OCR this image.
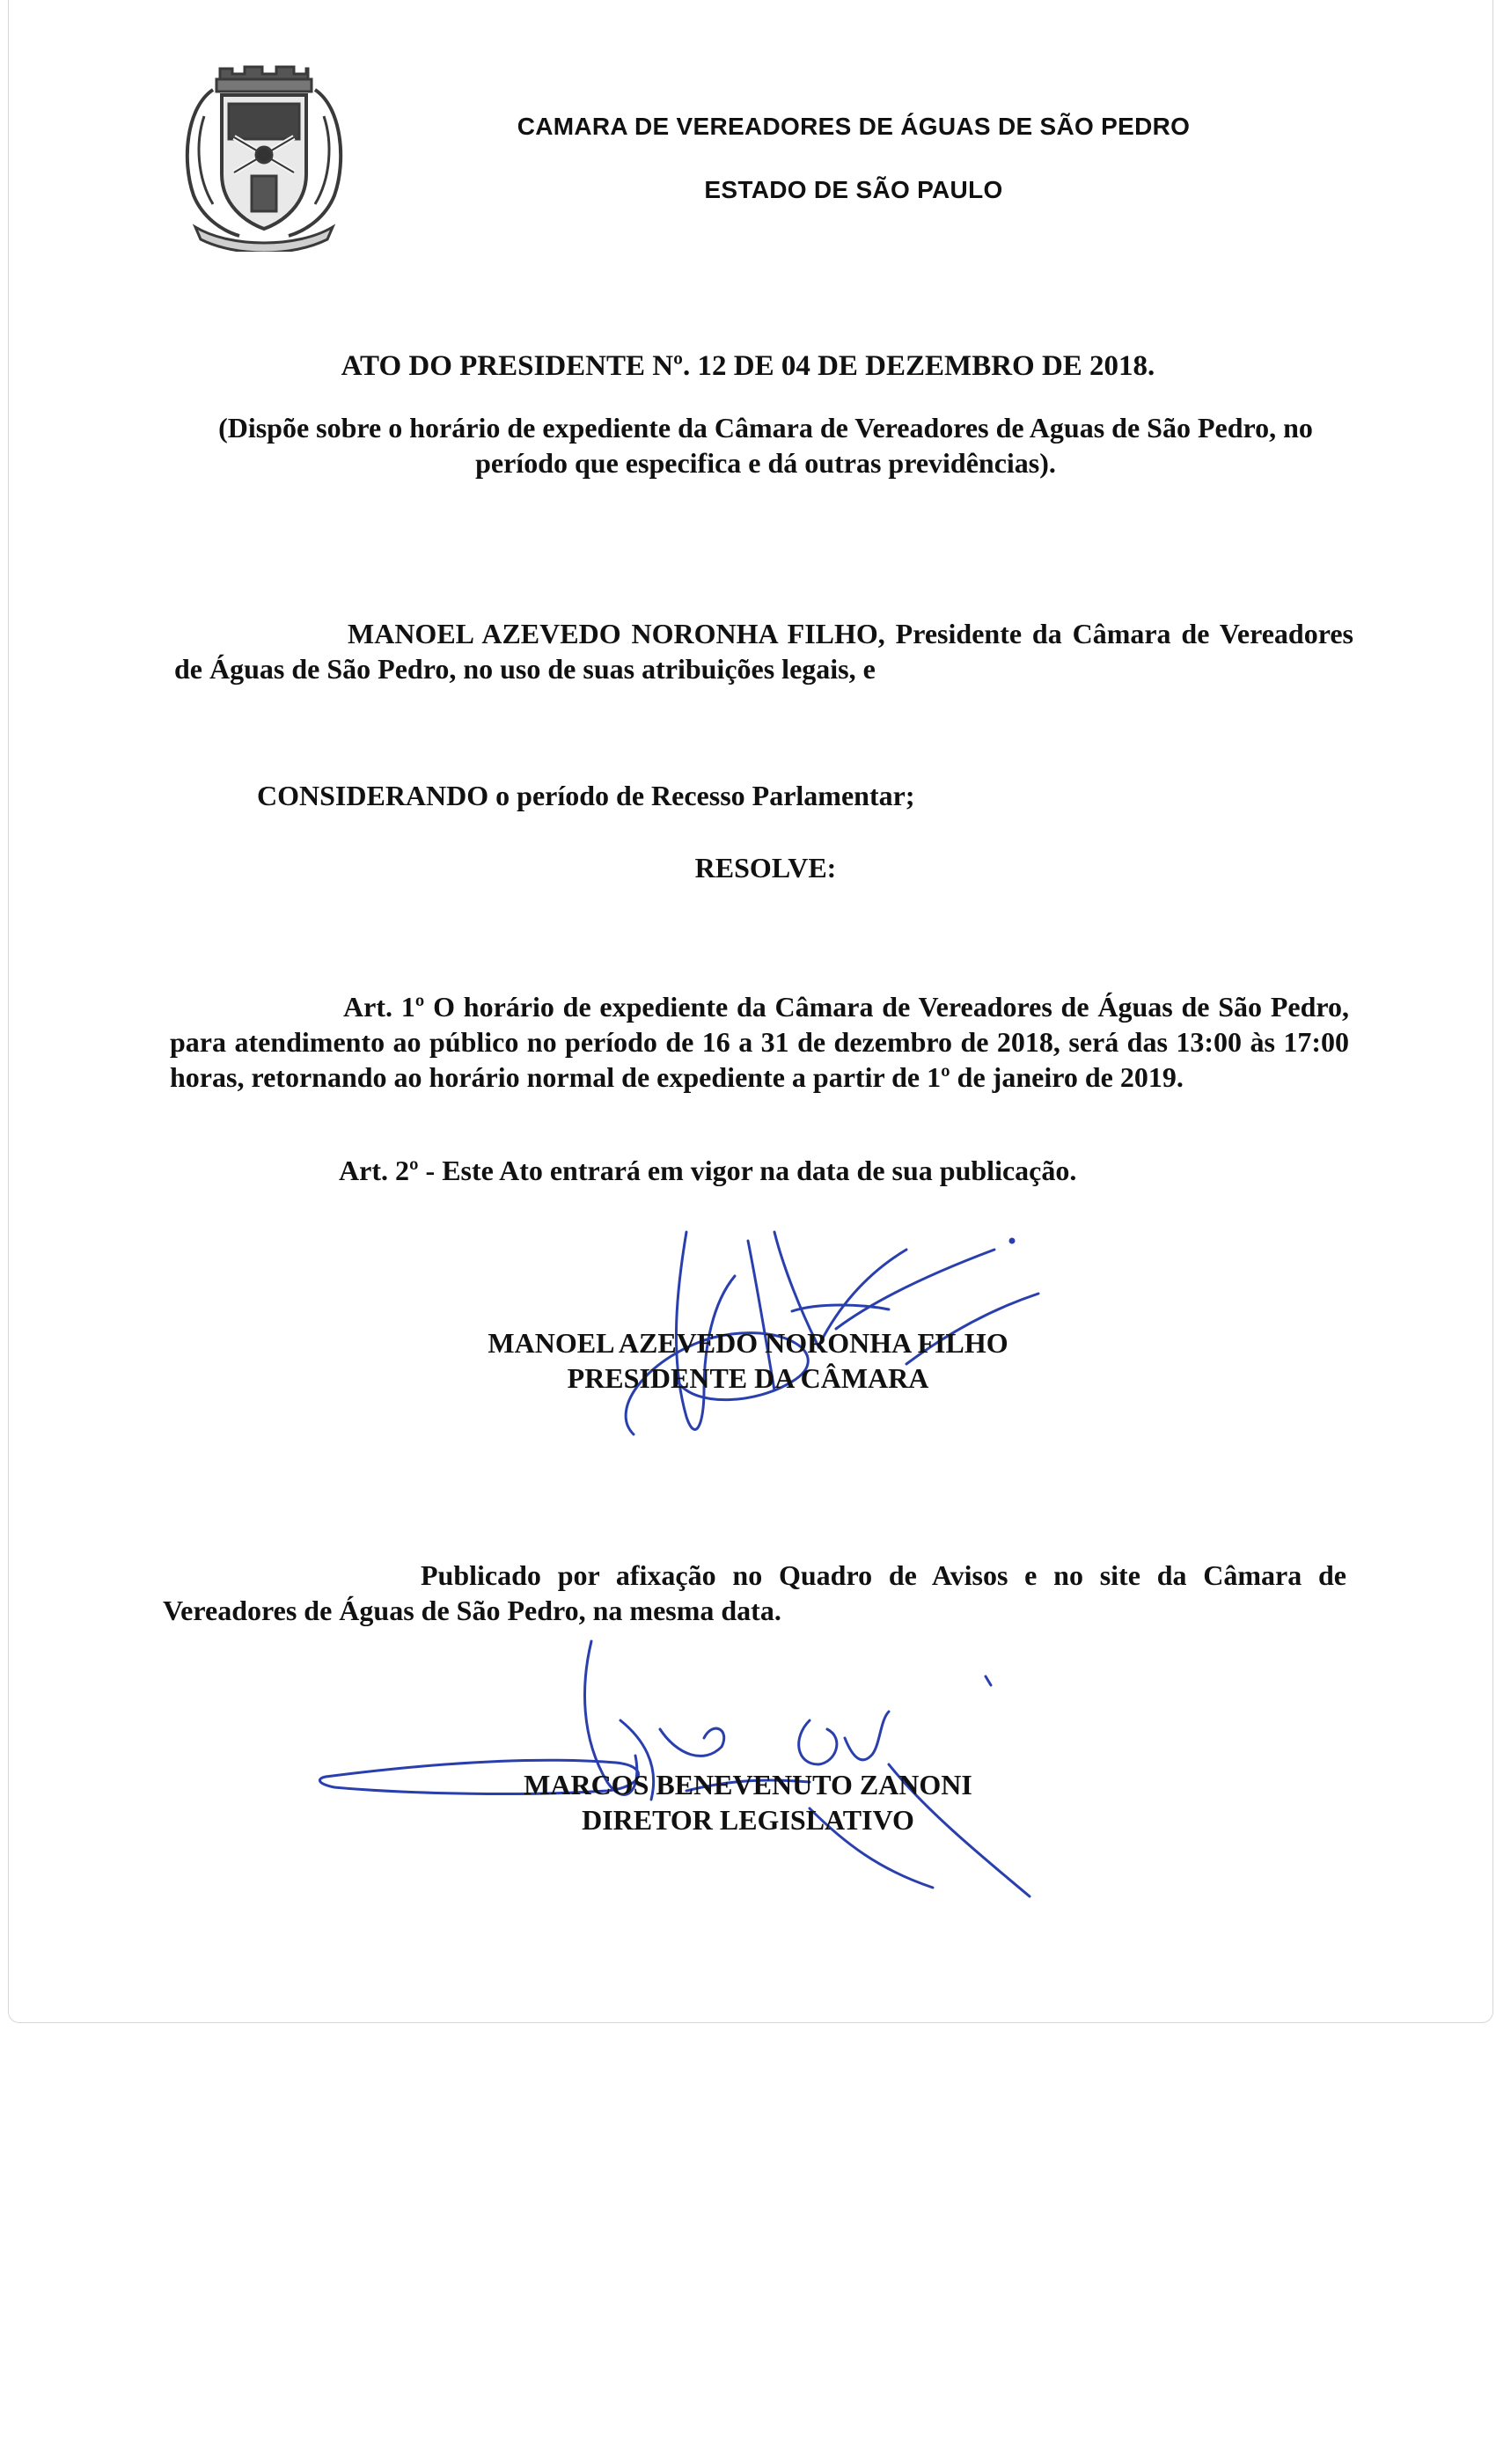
CAMARA DE VEREADORES DE ÁGUAS DE SÃO PEDRO
ESTADO DE SÃO PAULO
ATO DO PRESIDENTE Nº. 12 DE 04 DE DEZEMBRO DE 2018.
(Dispõe sobre o horário de expediente da Câmara de Vereadores de Aguas de São Pedro, no período que especifica e dá outras previdências).
MANOEL AZEVEDO NORONHA FILHO, Presidente da Câmara de Vereadores de Águas de São Pedro, no uso de suas atribuições legais, e
CONSIDERANDO o período de Recesso Parlamentar;
RESOLVE:
Art. 1º O horário de expediente da Câmara de Vereadores de Águas de São Pedro, para atendimento ao público no período de 16 a 31 de dezembro de 2018, será das 13:00 às 17:00 horas, retornando ao horário normal de expediente a partir de 1º de janeiro de 2019.
Art. 2º - Este Ato entrará em vigor na data de sua publicação.
MANOEL AZEVEDO NORONHA FILHO
PRESIDENTE DA CÂMARA
Publicado por afixação no Quadro de Avisos e no site da Câmara de Vereadores de Águas de São Pedro, na mesma data.
MARCOS BENEVENUTO ZANONI
DIRETOR LEGISLATIVO
